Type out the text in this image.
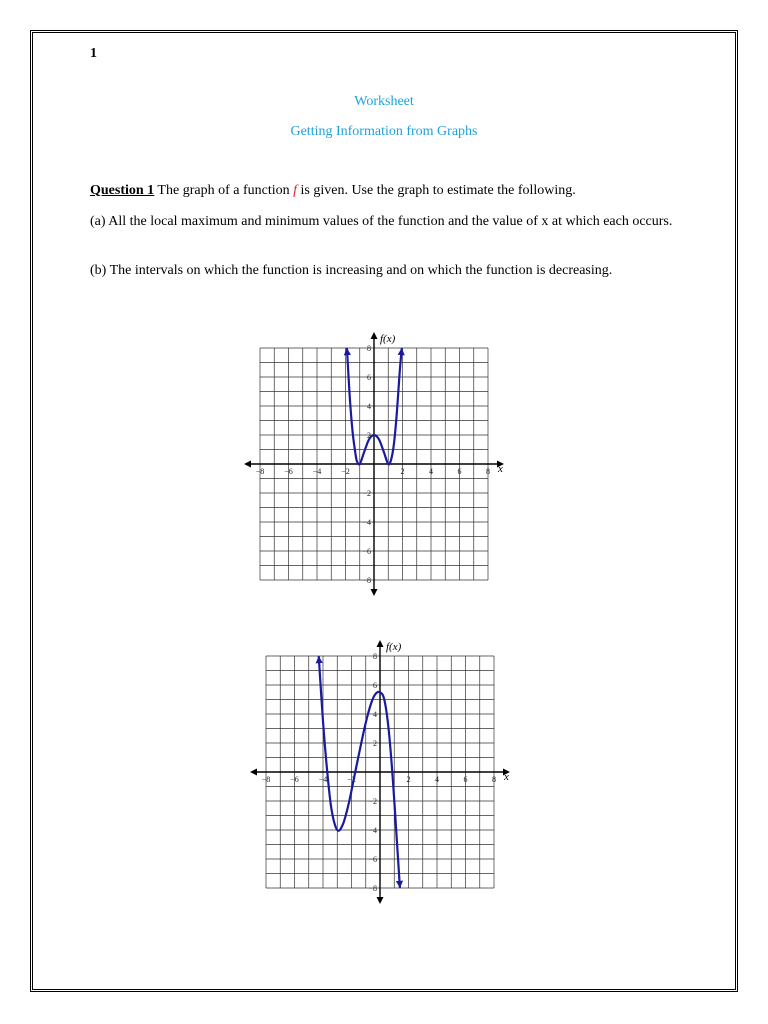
1
Worksheet
Getting Information from Graphs
Question 1 The graph of a function f is given. Use the graph to estimate the following.
(a) All the local maximum and minimum values of the function and the value of x at which each occurs.
(b) The intervals on which the function is increasing and on which the function is decreasing.
f(x)
x
−8 −6 −4 −2	2	4	6	8
8
6
4
2
−2
−4
−6
−8
f(x)
x
−8 −6 −4 −2	2	4	6	8
8
6
4
2
−2
−4
−6
−8
